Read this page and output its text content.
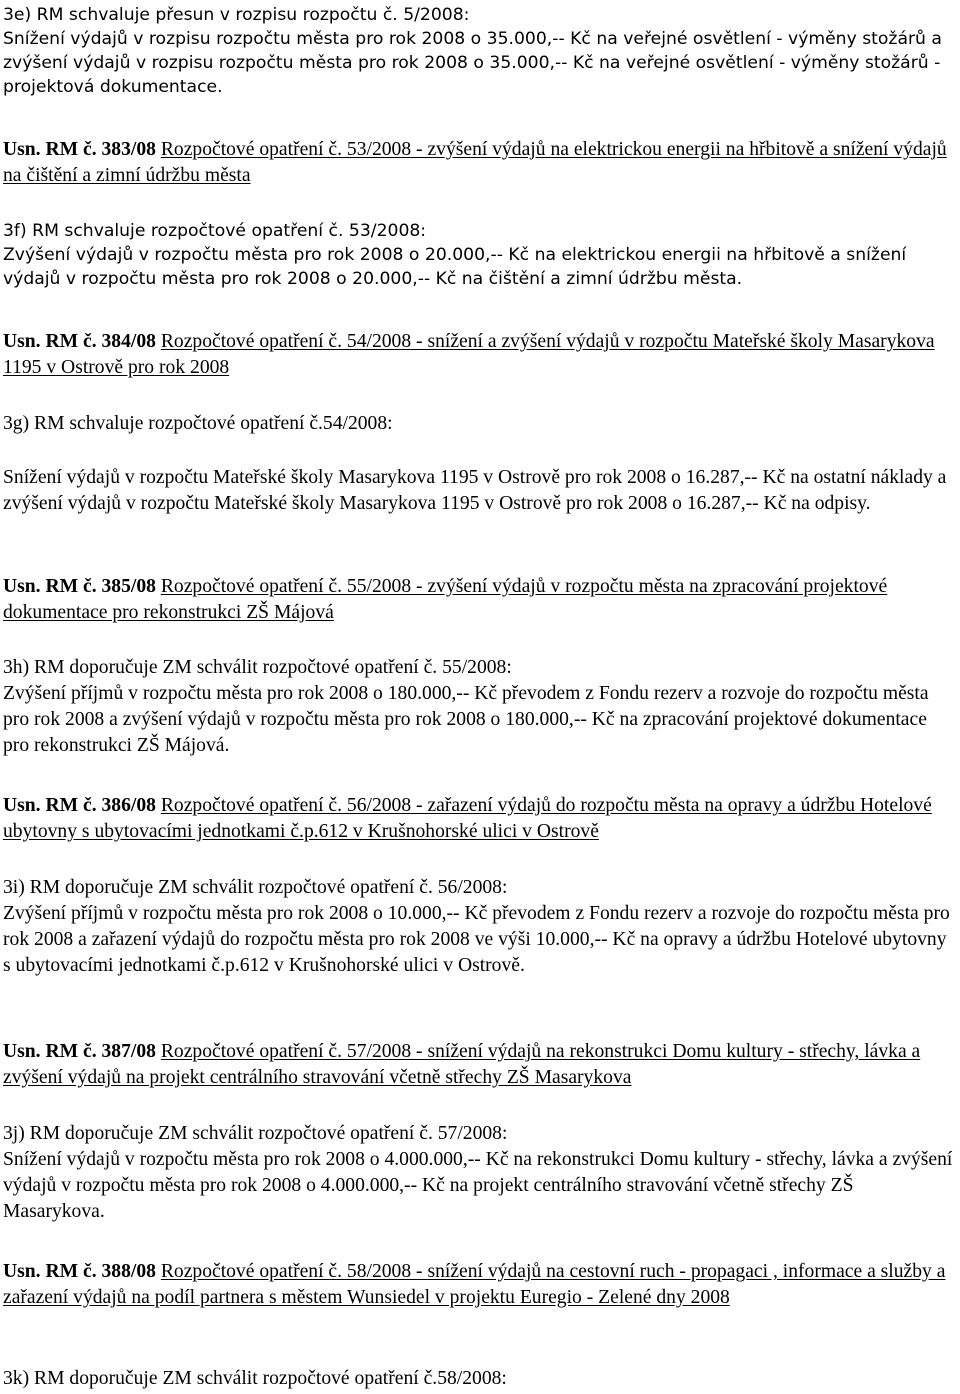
3e) RM schvaluje přesun v rozpisu rozpočtu č. 5/2008:

Snížení výdajů v rozpisu rozpočtu města pro rok 2008 o 35.000,-- Kč na veřejné osvětlení - výměny stožárů a zvýšení výdajů v rozpisu rozpočtu města pro rok 2008 o 35.000,-- Kč na veřejné osvětlení - výměny stožárů - projektová dokumentace.

Usn. RM č. 383/08 Rozpočtové opatření č. 53/2008 - zvýšení výdajů na elektrickou energii na hřbitově a snížení výdajů na čištění a zimní údržbu města

3f) RM schvaluje rozpočtové opatření č. 53/2008:

Zvýšení výdajů v rozpočtu města pro rok 2008 o 20.000,-- Kč na elektrickou energii na hřbitově a snížení výdajů v rozpočtu města pro rok 2008 o 20.000,-- Kč na čištění a zimní údržbu města.

Usn. RM č. 384/08 Rozpočtové opatření č. 54/2008 - snížení a zvýšení výdajů v rozpočtu Mateřské školy Masarykova 1195 v Ostrově pro rok 2008

3g) RM schvaluje rozpočtové opatření č.54/2008:

Snížení výdajů v rozpočtu Mateřské školy Masarykova 1195 v Ostrově pro rok 2008 o 16.287,-- Kč na ostatní náklady a zvýšení výdajů v rozpočtu Mateřské školy Masarykova 1195 v Ostrově pro rok 2008 o 16.287,-- Kč na odpisy.

Usn. RM č. 385/08 Rozpočtové opatření č. 55/2008 - zvýšení výdajů v rozpočtu města na zpracování projektové dokumentace pro rekonstrukci ZŠ Májová

3h) RM doporučuje ZM schválit rozpočtové opatření č. 55/2008:

Zvýšení příjmů v rozpočtu města pro rok 2008 o 180.000,-- Kč převodem z Fondu rezerv a rozvoje do rozpočtu města pro rok 2008 a zvýšení výdajů v rozpočtu města pro rok 2008 o 180.000,-- Kč na zpracování projektové dokumentace pro rekonstrukci ZŠ Májová.

Usn. RM č. 386/08 Rozpočtové opatření č. 56/2008 - zařazení výdajů do rozpočtu města na opravy a údržbu Hotelové ubytovny s ubytovacími jednotkami č.p.612 v Krušnohorské ulici v Ostrově

3i) RM doporučuje ZM schválit rozpočtové opatření č. 56/2008:

Zvýšení příjmů v rozpočtu města pro rok 2008 o 10.000,-- Kč převodem z Fondu rezerv a rozvoje do rozpočtu města pro rok 2008 a zařazení výdajů do rozpočtu města pro rok 2008 ve výši 10.000,-- Kč na opravy a údržbu Hotelové ubytovny s ubytovacími jednotkami č.p.612 v Krušnohorské ulici v Ostrově.

Usn. RM č. 387/08 Rozpočtové opatření č. 57/2008 - snížení výdajů na rekonstrukci Domu kultury - střechy, lávka a zvýšení výdajů na projekt centrálního stravování včetně střechy ZŠ Masarykova

3j) RM doporučuje ZM schválit rozpočtové opatření č. 57/2008:

Snížení výdajů v rozpočtu města pro rok 2008 o 4.000.000,-- Kč na rekonstrukci Domu kultury - střechy, lávka a zvýšení výdajů v rozpočtu města pro rok 2008 o 4.000.000,-- Kč na projekt centrálního stravování včetně střechy ZŠ Masarykova.

Usn. RM č. 388/08 Rozpočtové opatření č. 58/2008 - snížení výdajů na cestovní ruch - propagaci , informace a služby a zařazení výdajů na podíl partnera s městem Wunsiedel v projektu Euregio - Zelené dny 2008

3k) RM doporučuje ZM schválit rozpočtové opatření č.58/2008:
